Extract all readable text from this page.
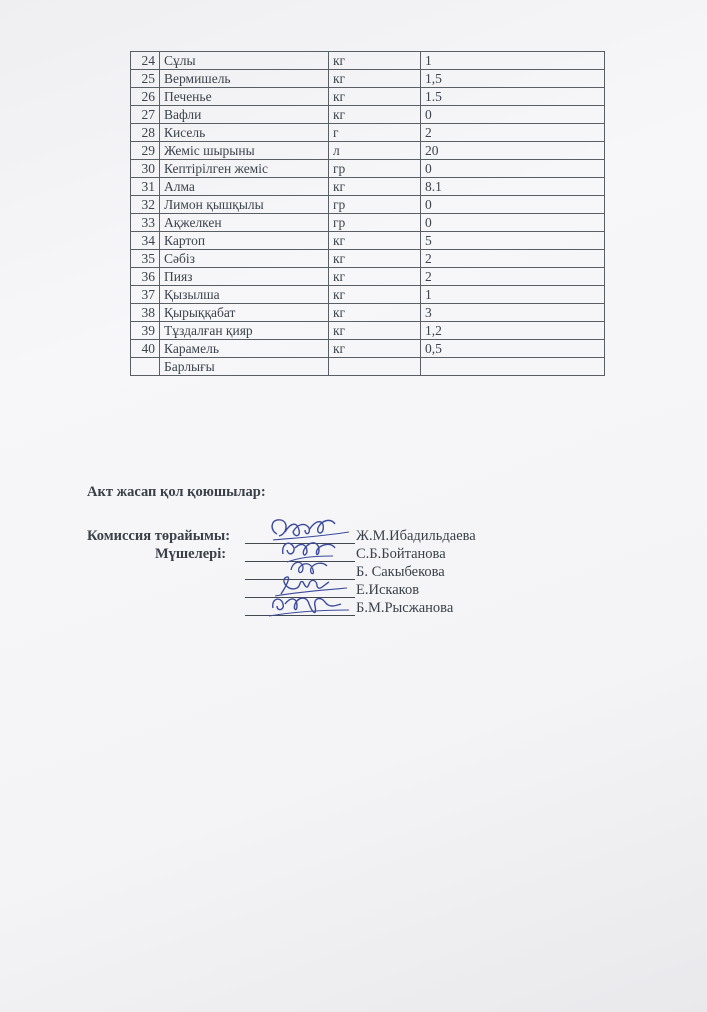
24	Сұлы	кг	1
25	Вермишель	кг	1,5
26	Печенье	кг	1.5
27	Вафли	кг	0
28	Кисель	г	2
29	Жеміс шырыны	л	20
30	Кептірілген жеміс	гр	0
31	Алма	кг	8.1
32	Лимон қышқылы	гр	0
33	Ақжелкен	гр	0
34	Картоп	кг	5
35	Сәбіз	кг	2
36	Пияз	кг	2
37	Қызылша	кг	1
38	Қырыққабат	кг	3
39	Тұздалған қияр	кг	1,2
40	Карамель	кг	0,5
	Барлығы		
Акт жасап қол қоюшылар:
Комиссия төрайымы:
Мүшелері:
Ж.М.Ибадильдаева
С.Б.Бойтанова
Б. Сакыбекова
Е.Искаков
Б.М.Рысжанова
